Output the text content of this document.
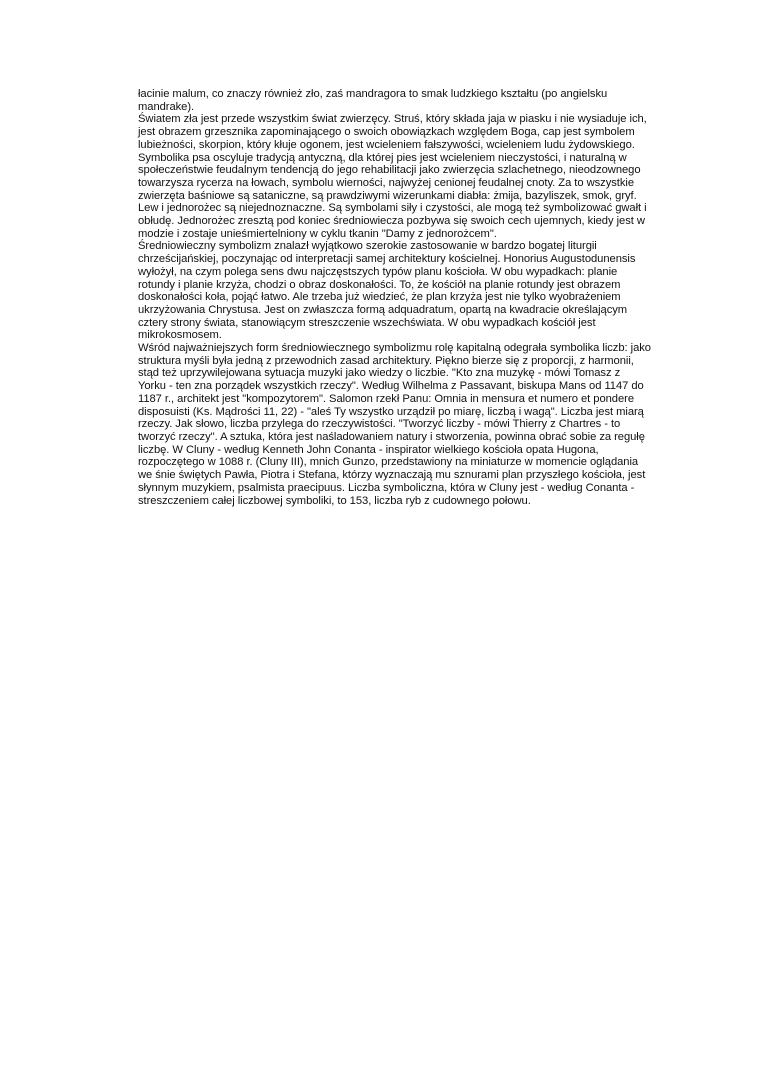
łacinie malum, co znaczy również zło, zaś mandragora to smak ludzkiego kształtu (po angielsku
mandrake).
Światem zła jest przede wszystkim świat zwierzęcy. Struś, który składa jaja w piasku i nie wysiaduje ich,
jest obrazem grzesznika zapominającego o swoich obowiązkach względem Boga, cap jest symbolem
lubieżności, skorpion, który kłuje ogonem, jest wcieleniem fałszywości, wcieleniem ludu żydowskiego.
Symbolika psa oscyluje tradycją antyczną, dla której pies jest wcieleniem nieczystości, i naturalną w
społeczeństwie feudalnym tendencją do jego rehabilitacji jako zwierzęcia szlachetnego, nieodzownego
towarzysza rycerza na łowach, symbolu wierności, najwyżej cenionej feudalnej cnoty. Za to wszystkie
zwierzęta baśniowe są sataniczne, są prawdziwymi wizerunkami diabła: żmija, bazyliszek, smok, gryf.
Lew i jednorożec są niejednoznaczne. Są symbolami siły i czystości, ale mogą też symbolizować gwałt i
obłudę. Jednorożec zresztą pod koniec średniowiecza pozbywa się swoich cech ujemnych, kiedy jest w
modzie i zostaje unieśmiertelniony w cyklu tkanin "Damy z jednorożcem".
Średniowieczny symbolizm znalazł wyjątkowo szerokie zastosowanie w bardzo bogatej liturgii
chrześcijańskiej, poczynając od interpretacji samej architektury kościelnej. Honorius Augustodunensis
wyłożył, na czym polega sens dwu najczęstszych typów planu kościoła. W obu wypadkach: planie
rotundy i planie krzyża, chodzi o obraz doskonałości. To, że kościół na planie rotundy jest obrazem
doskonałości koła, pojąć łatwo. Ale trzeba już wiedzieć, że plan krzyża jest nie tylko wyobrażeniem
ukrzyżowania Chrystusa. Jest on zwłaszcza formą adquadratum, opartą na kwadracie określającym
cztery strony świata, stanowiącym streszczenie wszechświata. W obu wypadkach kościół jest
mikrokosmosem.
Wśród najważniejszych form średniowiecznego symbolizmu rolę kapitalną odegrała symbolika liczb: jako
struktura myśli była jedną z przewodnich zasad architektury. Piękno bierze się z proporcji, z harmonii,
stąd też uprzywilejowana sytuacja muzyki jako wiedzy o liczbie. "Kto zna muzykę - mówi Tomasz z
Yorku - ten zna porządek wszystkich rzeczy". Według Wilhelma z Passavant, biskupa Mans od 1147 do
1187 r., architekt jest "kompozytorem". Salomon rzekł Panu: Omnia in mensura et numero et pondere
disposuisti (Ks. Mądrości 11, 22) - "aleś Ty wszystko urządził po miarę, liczbą i wagą". Liczba jest miarą
rzeczy. Jak słowo, liczba przylega do rzeczywistości. "Tworzyć liczby - mówi Thierry z Chartres - to
tworzyć rzeczy". A sztuka, która jest naśladowaniem natury i stworzenia, powinna obrać sobie za regułę
liczbę. W Cluny - według Kenneth John Conanta - inspirator wielkiego kościoła opata Hugona,
rozpoczętego w 1088 r. (Cluny III), mnich Gunzo, przedstawiony na miniaturze w momencie oglądania
we śnie świętych Pawła, Piotra i Stefana, którzy wyznaczają mu sznurami plan przyszłego kościoła, jest
słynnym muzykiem, psalmista praecipuus. Liczba symboliczna, która w Cluny jest - według Conanta -
streszczeniem całej liczbowej symboliki, to 153, liczba ryb z cudownego połowu.
